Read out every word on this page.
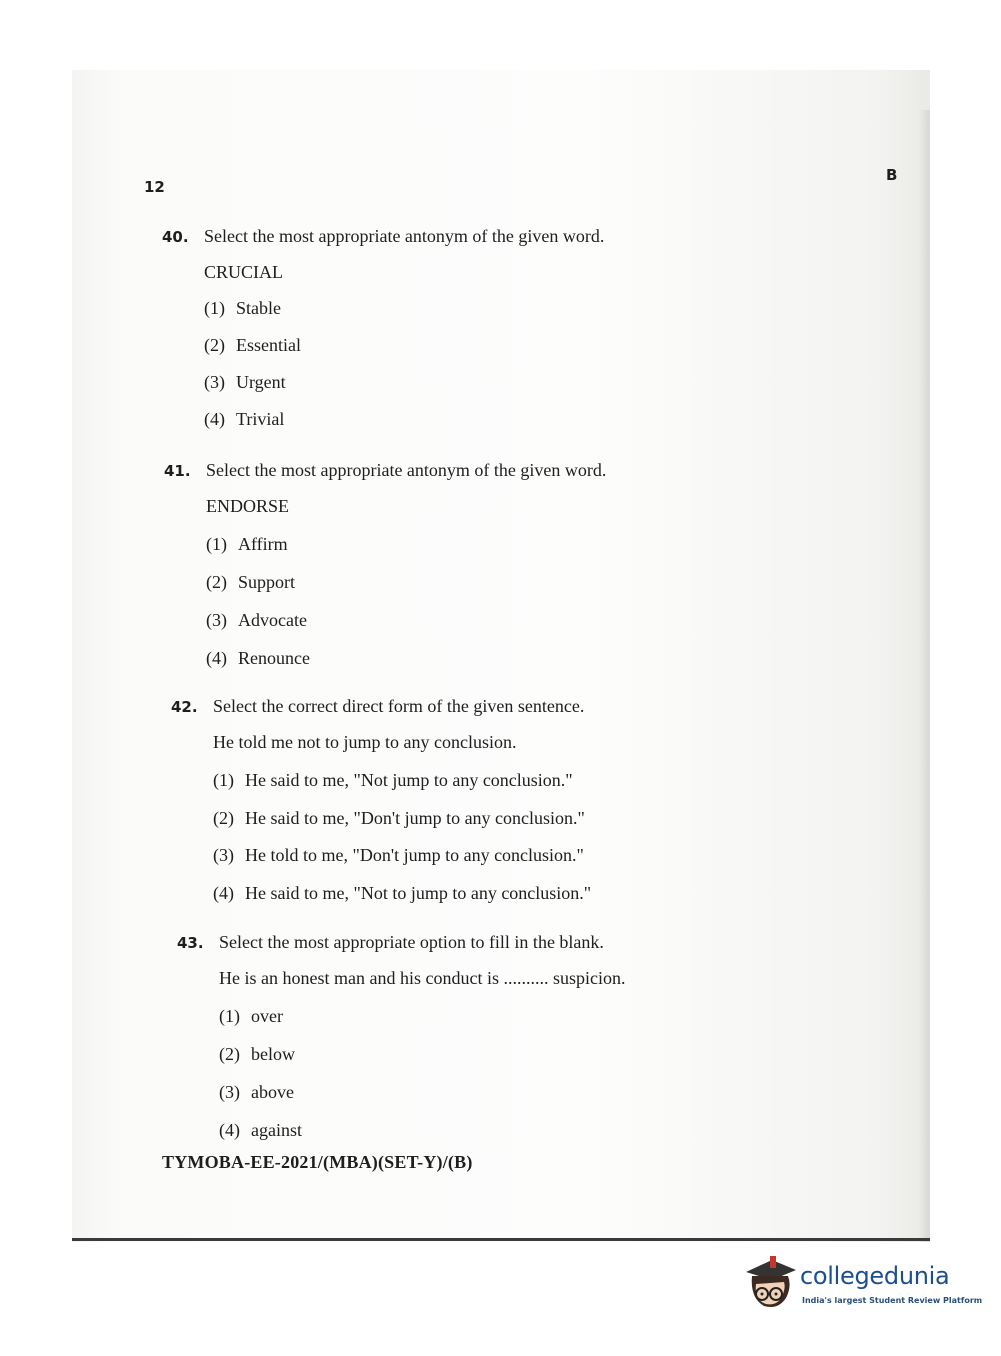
12
B
40. Select the most appropriate antonym of the given word.
CRUCIAL
(1) Stable
(2) Essential
(3) Urgent
(4) Trivial
41. Select the most appropriate antonym of the given word.
ENDORSE
(1) Affirm
(2) Support
(3) Advocate
(4) Renounce
42. Select the correct direct form of the given sentence.
He told me not to jump to any conclusion.
(1) He said to me, "Not jump to any conclusion."
(2) He said to me, "Don't jump to any conclusion."
(3) He told to me, "Don't jump to any conclusion."
(4) He said to me, "Not to jump to any conclusion."
43. Select the most appropriate option to fill in the blank.
He is an honest man and his conduct is .......... suspicion.
(1) over
(2) below
(3) above
(4) against
TYMOBA-EE-2021/(MBA)(SET-Y)/(B)
collegedunia
India's largest Student Review Platform
